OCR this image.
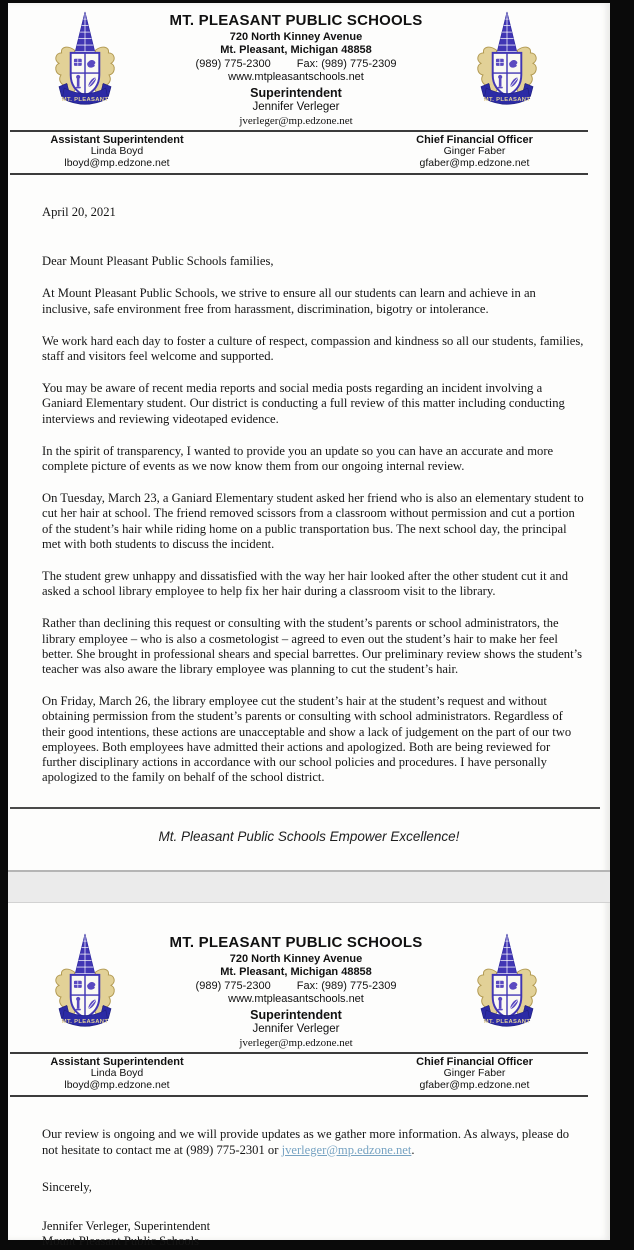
MT. PLEASANT PUBLIC SCHOOLS
720 North Kinney Avenue
Mt. Pleasant, Michigan 48858
(989) 775-2300 Fax: (989) 775-2309
www.mtpleasantschools.net
Superintendent
Jennifer Verleger
jverleger@mp.edzone.net
Assistant Superintendent
Linda Boyd
lboyd@mp.edzone.net
Chief Financial Officer
Ginger Faber
gfaber@mp.edzone.net

April 20, 2021

Dear Mount Pleasant Public Schools families,

At Mount Pleasant Public Schools, we strive to ensure all our students can learn and achieve in an inclusive, safe environment free from harassment, discrimination, bigotry or intolerance.

We work hard each day to foster a culture of respect, compassion and kindness so all our students, families, staff and visitors feel welcome and supported.

You may be aware of recent media reports and social media posts regarding an incident involving a Ganiard Elementary student. Our district is conducting a full review of this matter including conducting interviews and reviewing videotaped evidence.

In the spirit of transparency, I wanted to provide you an update so you can have an accurate and more complete picture of events as we now know them from our ongoing internal review.

On Tuesday, March 23, a Ganiard Elementary student asked her friend who is also an elementary student to cut her hair at school. The friend removed scissors from a classroom without permission and cut a portion of the student’s hair while riding home on a public transportation bus. The next school day, the principal met with both students to discuss the incident.

The student grew unhappy and dissatisfied with the way her hair looked after the other student cut it and asked a school library employee to help fix her hair during a classroom visit to the library.

Rather than declining this request or consulting with the student’s parents or school administrators, the library employee – who is also a cosmetologist – agreed to even out the student’s hair to make her feel better. She brought in professional shears and special barrettes. Our preliminary review shows the student’s teacher was also aware the library employee was planning to cut the student’s hair.

On Friday, March 26, the library employee cut the student’s hair at the student’s request and without obtaining permission from the student’s parents or consulting with school administrators. Regardless of their good intentions, these actions are unacceptable and show a lack of judgement on the part of our two employees. Both employees have admitted their actions and apologized. Both are being reviewed for further disciplinary actions in accordance with our school policies and procedures. I have personally apologized to the family on behalf of the school district.

Mt. Pleasant Public Schools Empower Excellence!
MT. PLEASANT PUBLIC SCHOOLS
720 North Kinney Avenue
Mt. Pleasant, Michigan 48858
(989) 775-2300 Fax: (989) 775-2309
www.mtpleasantschools.net
Superintendent
Jennifer Verleger
jverleger@mp.edzone.net
Assistant Superintendent
Linda Boyd
lboyd@mp.edzone.net
Chief Financial Officer
Ginger Faber
gfaber@mp.edzone.net

Our review is ongoing and we will provide updates as we gather more information. As always, please do not hesitate to contact me at (989) 775-2301 or jverleger@mp.edzone.net.

Sincerely,

Jennifer Verleger, Superintendent

Mount Pleasant Public Schools
